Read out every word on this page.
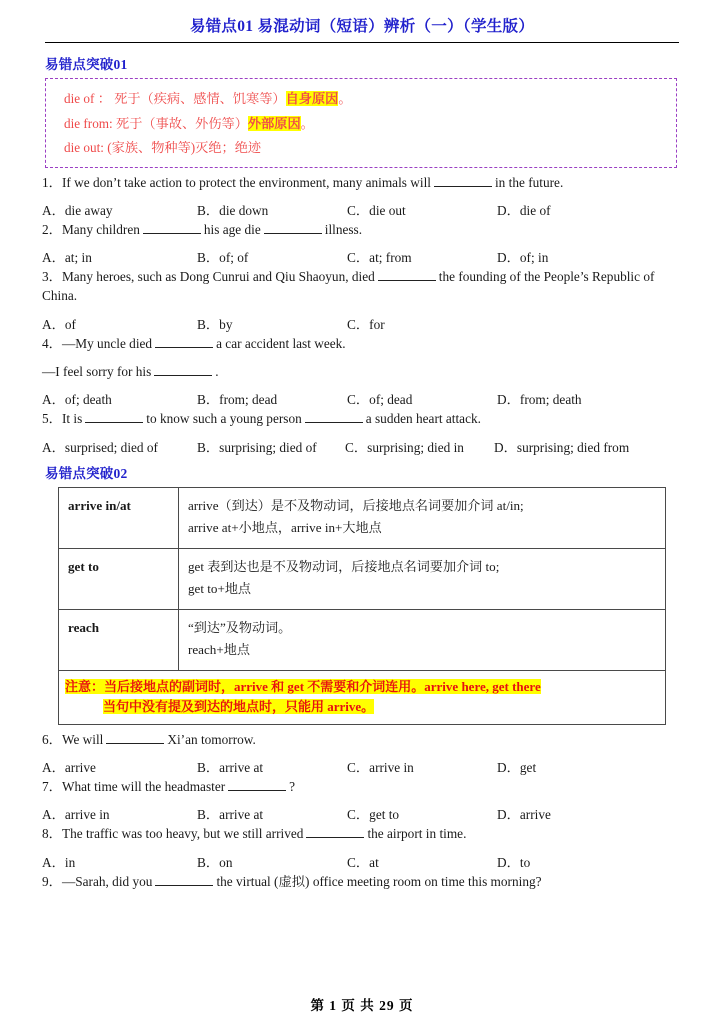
易错点01 易混动词（短语）辨析（一）（学生版）
易错点突破01
die of ： 死于（疾病、感情、饥寒等）自身原因。
die from: 死于（事故、外伤等）外部原因。
die out: (家族、物种等)灭绝；绝迹
1．If we don’t take action to protect the environment, many animals will	in the future.
A．die away	B．die down	C．die out	D．die of
2．Many children	his age die	illness.
A．at; in	B．of; of	C．at; from	D．of; in
3．Many heroes, such as Dong Cunrui and Qiu Shaoyun, died	the founding of the People’s Republic of China.
A．of	B．by	C．for
4．—My uncle died	a car accident last week.
—I feel sorry for his	.
A．of; death	B．from; dead	C．of; dead	D．from; death
5．It is	to know such a young person	a sudden heart attack.
A．surprised; died of	B．surprising; died of C．surprising; died in D．surprising; died from
易错点突破02
arrive in/at	arrive（到达）是不及物动词，后接地点名词要加介词 at/in;
arrive at+小地点，arrive in+大地点

get to	get 表到达也是不及物动词，后接地点名词要加介词 to;
get to+地点

reach	“到达”及物动词。
reach+地点

注意：当后接地点的副词时，arrive 和 get 不需要和介词连用。arrive here, get there
当句中没有提及到达的地点时，只能用 arrive。	
6．We will	Xi’an tomorrow.
A．arrive	B．arrive at	C．arrive in	D．get
7．What time will the headmaster	?
A．arrive in	B．arrive at	C．get to	D．arrive
8．The traffic was too heavy, but we still arrived	the airport in time.
A．in	B．on	C．at	D．to
9．—Sarah, did you	the virtual (虚拟) office meeting room on time this morning?
第 1 页 共 29 页
